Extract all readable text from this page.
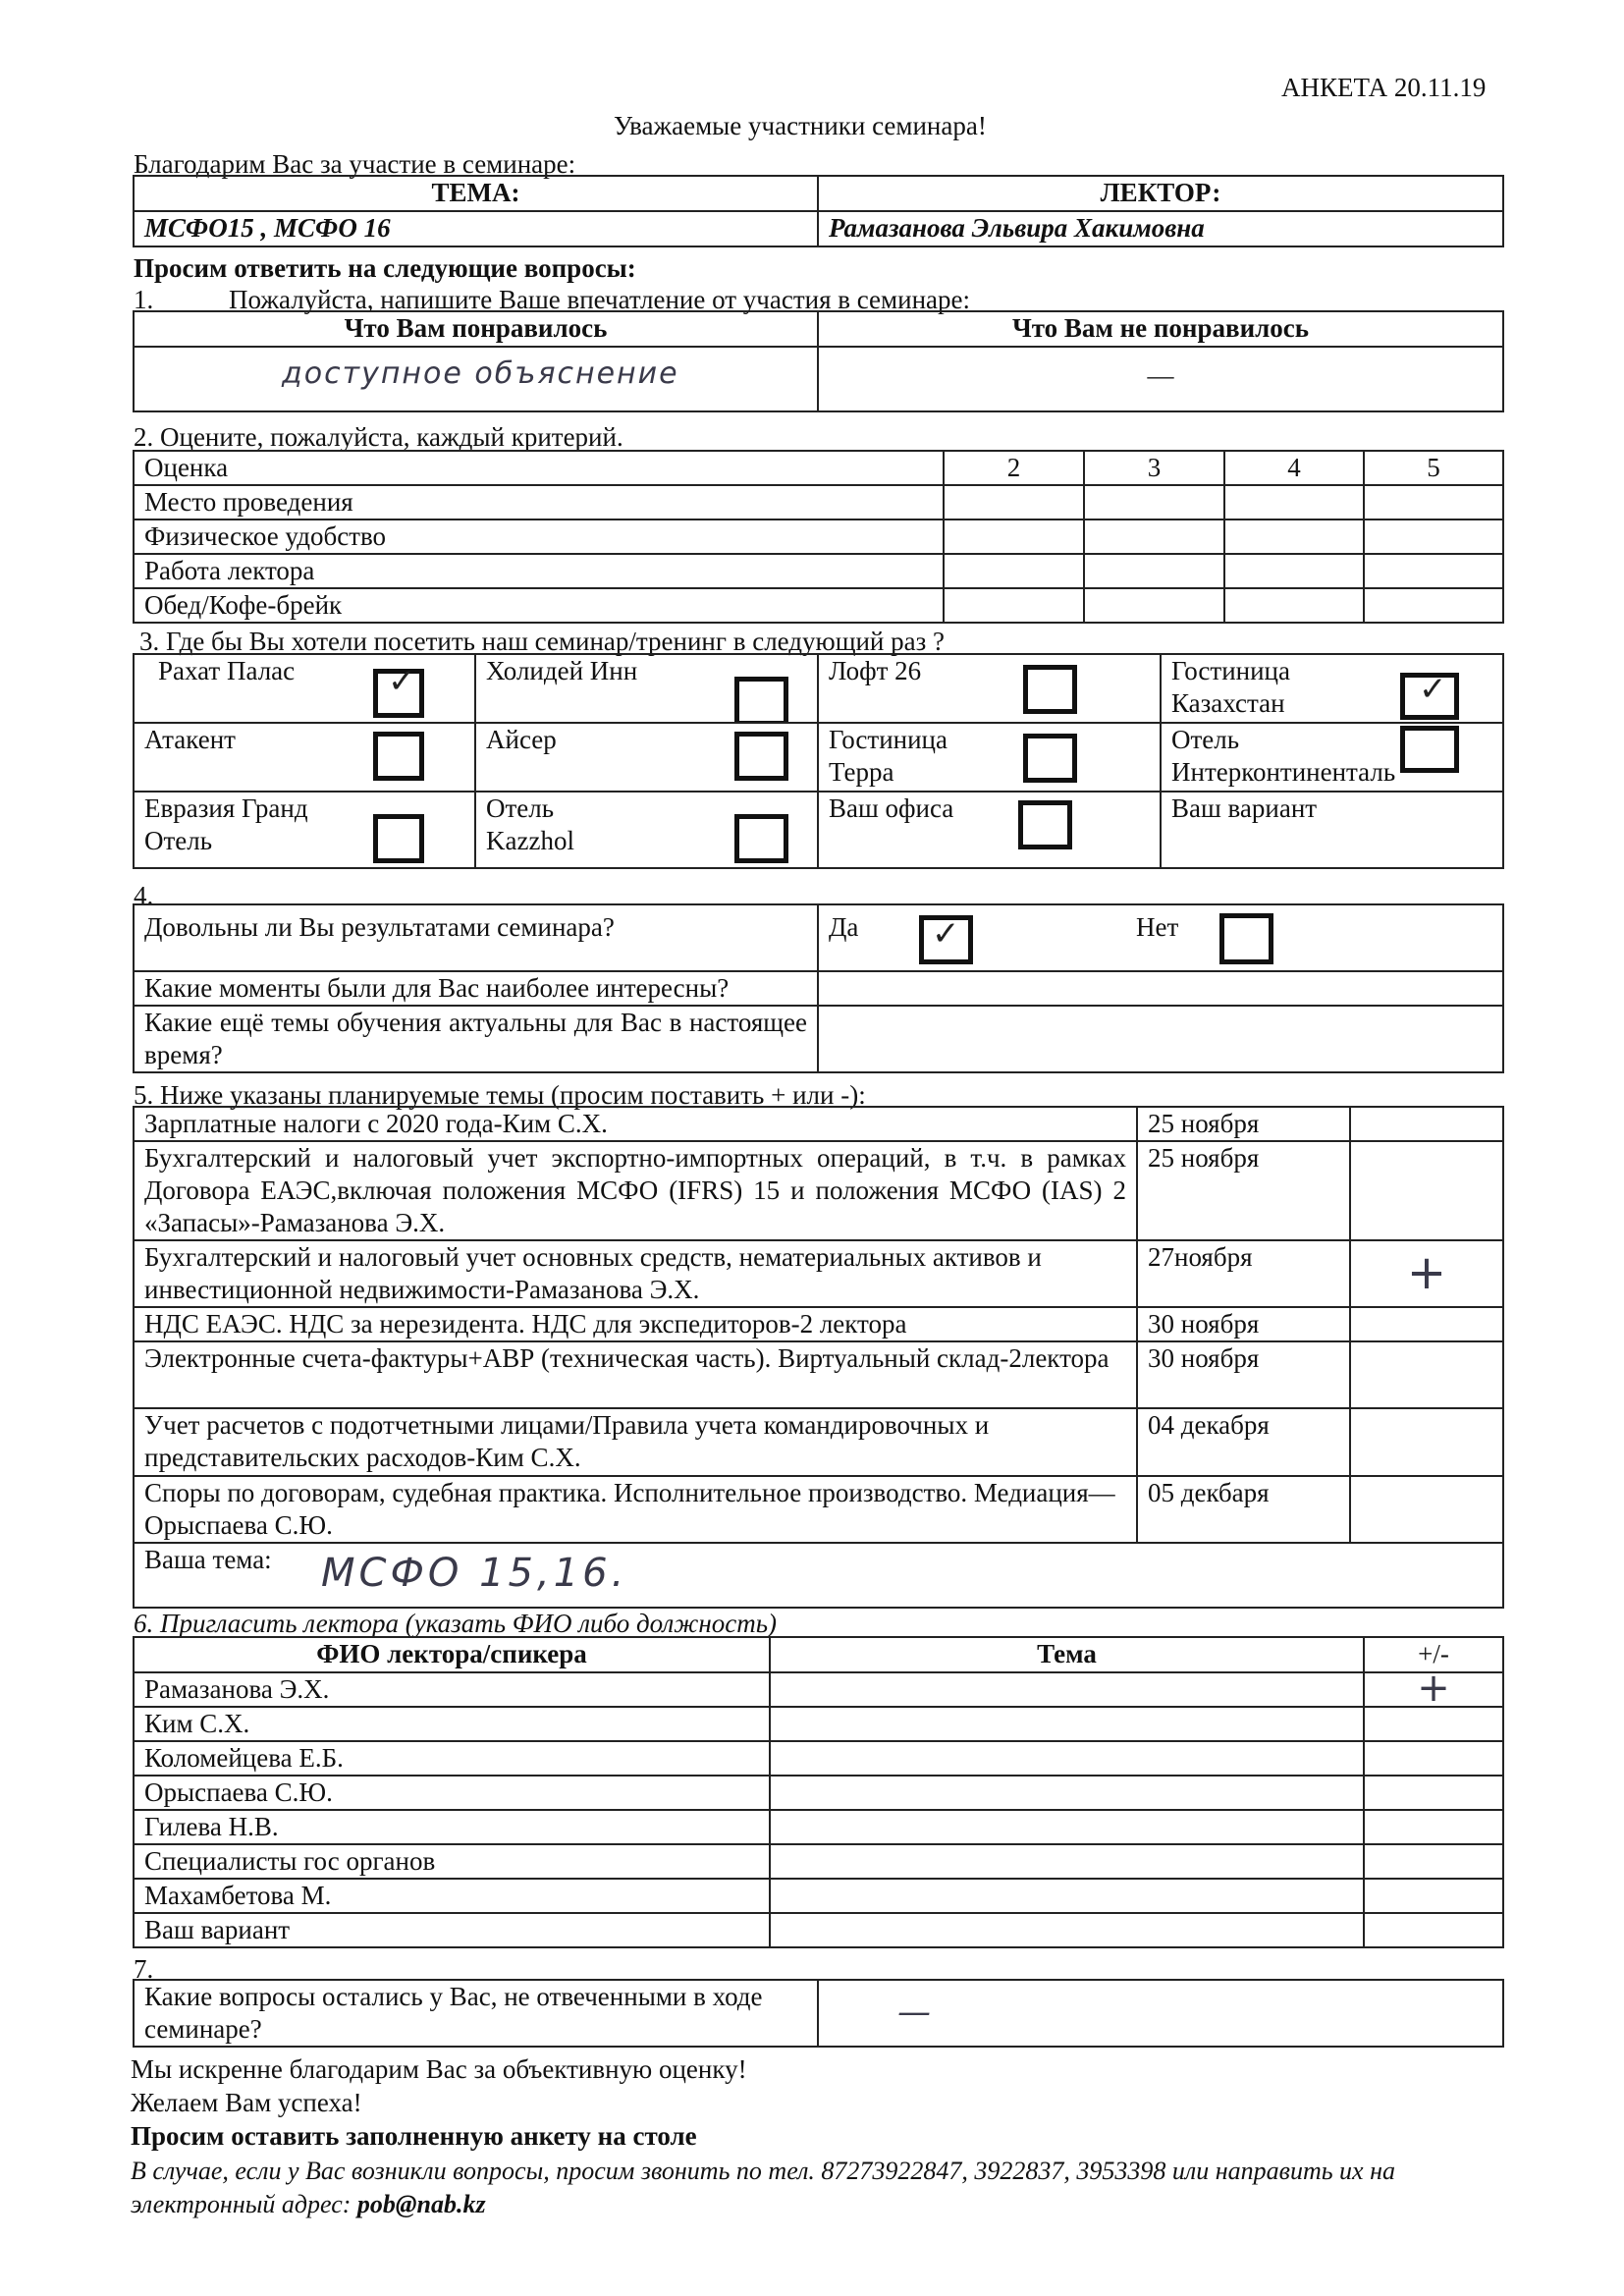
АНКЕТА 20.11.19
Уважаемые участники семинара!
Благодарим Вас за участие в семинаре:
ТЕМА:	ЛЕКТОР:
МСФО15 , МСФО 16	Рамазанова Эльвира Хакимовна
Просим ответить на следующие вопросы:
1.	Пожалуйста, напишите Ваше впечатление от участия в семинаре:
Что Вам понравилось	Что Вам не понравилось
доступное объяснение	—
2. Оцените, пожалуйста, каждый критерий.
Оценка	2	3	4	5
Место проведения				
Физическое удобство				
Работа лектора				
Обед/Кофе-брейк				
3. Где бы Вы хотели посетить наш семинар/тренинг в следующий раз ?
Рахат Палас ✓	Холидей Инн	Лофт 26	Гостиница Казахстан ✓

Атакент	Айсер	Гостиница Терра	Отель Интерконтиненталь

Евразия Гранд Отель	Отель Kazzhol	Ваш офиса	Ваш вариант
4.
Довольны ли Вы результатами семинара?	Да ✓ Нет

Какие моменты были для Вас наиболее интересны?	
Какие ещё темы обучения актуальны для Вас в настоящее время?	
5. Ниже указаны планируемые темы (просим поставить + или -):
Зарплатные налоги с 2020 года-Ким С.Х.	25 ноября	
Бухгалтерский и налоговый учет экспортно-импортных операций, в т.ч. в рамках Договора ЕАЭС,включая положения МСФО (IFRS) 15 и положения МСФО (IAS) 2 «Запасы»-Рамазанова Э.Х.	25 ноября	
Бухгалтерский и налоговый учет основных средств, нематериальных активов и инвестиционной недвижимости-Рамазанова Э.Х.	27ноября	+
НДС ЕАЭС. НДС за нерезидента. НДС для экспедиторов-2 лектора	30 ноября	
Электронные счета-фактуры+АВР (техническая часть). Виртуальный склад-2лектора	30 ноября	
Учет расчетов с подотчетными лицами/Правила учета командировочных и представительских расходов-Ким С.Х.	04 декабря	
Споры по договорам, судебная практика. Исполнительное производство. Медиация—Орыспаева С.Ю.	05 декбаря	
Ваша тема: МСФО 15,16.		
6. Пригласить лектора (указать ФИО либо должность)
ФИО лектора/спикера	Тема	+/-
Рамазанова Э.Х.		+
Ким С.Х.		
Коломейцева Е.Б.		
Орыспаева С.Ю.		
Гилева Н.В.		
Специалисты гос органов		
Махамбетова М.		
Ваш вариант		
7.
Какие вопросы остались у Вас, не отвеченными в ходе семинаре?	—
Мы искренне благодарим Вас за объективную оценку!
Желаем Вам успеха!
Просим оставить заполненную анкету на столе
В случае, если у Вас возникли вопросы, просим звонить по тел. 87273922847, 3922837, 3953398 или направить их на электронный адрес: pob@nab.kz
